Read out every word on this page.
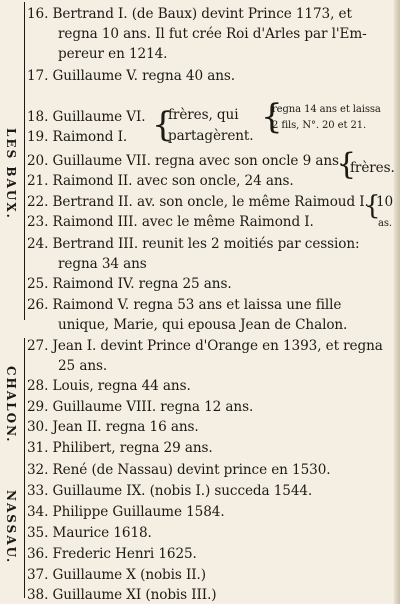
LES BAUX.
16. Bertrand I. (de Baux) devint Prince 1173, et
regna 10 ans. Il fut crée Roi d'Arles par l'Em-
pereur en 1214.
17. Guillaume V. regna 40 ans.
18. Guillaume VI.
19. Raimond I. {
frères, qui
partagèrent. {
regna 14 ans et laissa
2 fils, N°. 20 et 21.
20. Guillaume VII. regna avec son oncle 9 ans.
21. Raimond II. avec son oncle, 24 ans. {
frères.
22. Bertrand II. av. son oncle, le même Raimoud I.
23. Raimond III. avec le même Raimond I.
{
10
as.
24. Bertrand III. reunit les 2 moitiés par cession:
regna 34 ans
25. Raimond IV. regna 25 ans.
26. Raimond V. regna 53 ans et laissa une fille
unique, Marie, qui epousa Jean de Chalon.
CHALON.
27. Jean I. devint Prince d'Orange en 1393, et regna
25 ans.
28. Louis, regna 44 ans.
29. Guillaume VIII. regna 12 ans.
30. Jean II. regna 16 ans.
31. Philibert, regna 29 ans.
NASSAU.
32. René (de Nassau) devint prince en 1530.
33. Guillaume IX. (nobis I.) succeda 1544.
34. Philippe Guillaume 1584.
35. Maurice 1618.
36. Frederic Henri 1625.
37. Guillaume X (nobis II.)
38. Guillaume XI (nobis III.)
